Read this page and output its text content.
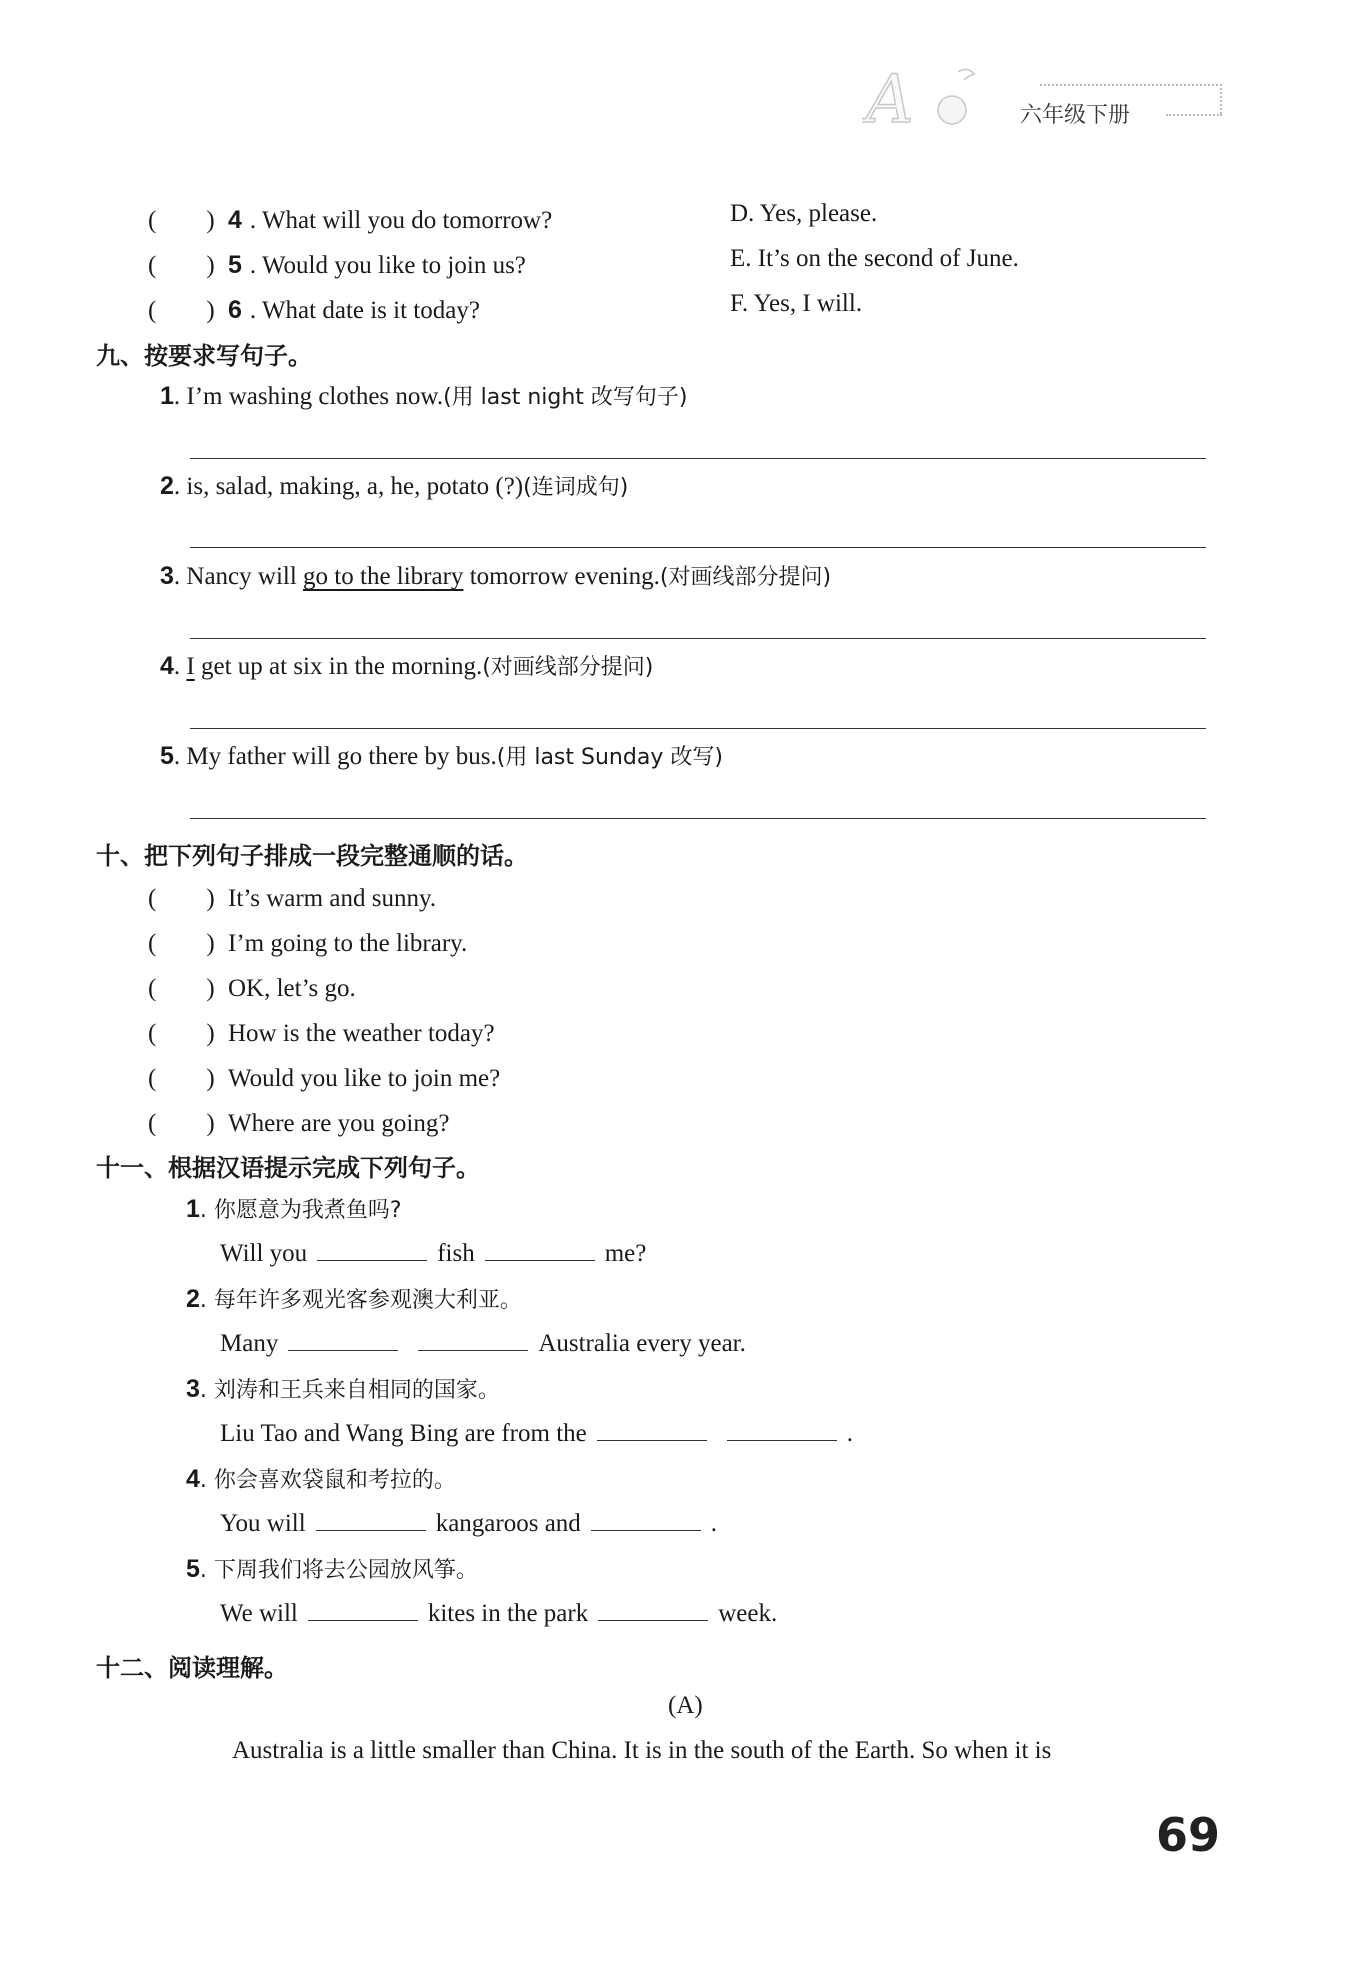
A	六年级下册
(　　) 4 . What will you do tomorrow?	D. Yes, please.
(　　) 5 . Would you like to join us?	E. It’s on the second of June.
(　　) 6 . What date is it today?	F. Yes, I will.
九、按要求写句子。
1. I’m washing clothes now.(用 last night 改写句子)
2. is, salad, making, a, he, potato (?)(连词成句)
3. Nancy will go to the library tomorrow evening.(对画线部分提问)
4. I get up at six in the morning.(对画线部分提问)
5. My father will go there by bus.(用 last Sunday 改写)
十、把下列句子排成一段完整通顺的话。
(　　) It’s warm and sunny.
(　　) I’m going to the library.
(　　) OK, let’s go.
(　　) How is the weather today?
(　　) Would you like to join me?
(　　) Where are you going?
十一、根据汉语提示完成下列句子。
1. 你愿意为我煮鱼吗?
Will you	fish	me?
2. 每年许多观光客参观澳大利亚。
Many	Australia every year.
3. 刘涛和王兵来自相同的国家。
Liu Tao and Wang Bing are from the	.
4. 你会喜欢袋鼠和考拉的。
You will	kangaroos and	.
5. 下周我们将去公园放风筝。
We will	kites in the park	week.
十二、阅读理解。
(A)
Australia is a little smaller than China. It is in the south of the Earth. So when it is
69
